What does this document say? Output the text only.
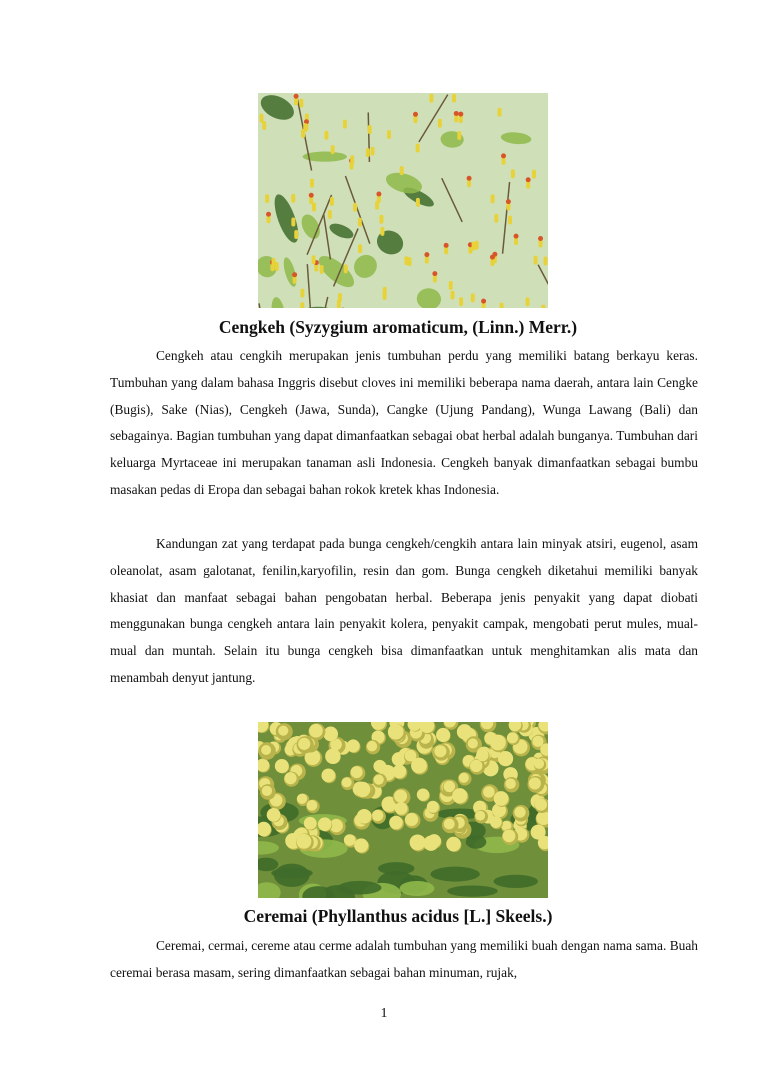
Cengkeh (Syzygium aromaticum, (Linn.) Merr.)

Cengkeh atau cengkih merupakan jenis tumbuhan perdu yang memiliki batang berkayu keras. Tumbuhan yang dalam bahasa Inggris disebut cloves ini memiliki beberapa nama daerah, antara lain Cengke (Bugis), Sake (Nias), Cengkeh (Jawa, Sunda), Cangke (Ujung Pandang), Wunga Lawang (Bali) dan sebagainya. Bagian tumbuhan yang dapat dimanfaatkan sebagai obat herbal adalah bunganya. Tumbuhan dari keluarga Myrtaceae ini merupakan tanaman asli Indonesia. Cengkeh banyak dimanfaatkan sebagai bumbu masakan pedas di Eropa dan sebagai bahan rokok kretek khas Indonesia.

Kandungan zat yang terdapat pada bunga cengkeh/cengkih antara lain minyak atsiri, eugenol, asam oleanolat, asam galotanat, fenilin,karyofilin, resin dan gom. Bunga cengkeh diketahui memiliki banyak khasiat dan manfaat sebagai bahan pengobatan herbal. Beberapa jenis penyakit yang dapat diobati menggunakan bunga cengkeh antara lain penyakit kolera, penyakit campak, mengobati perut mules, mual-mual dan muntah. Selain itu bunga cengkeh bisa dimanfaatkan untuk menghitamkan alis mata dan menambah denyut jantung.

Ceremai (Phyllanthus acidus [L.] Skeels.)

Ceremai, cermai, cereme atau cerme adalah tumbuhan yang memiliki buah dengan nama sama. Buah ceremai berasa masam, sering dimanfaatkan sebagai bahan minuman, rujak,

1
